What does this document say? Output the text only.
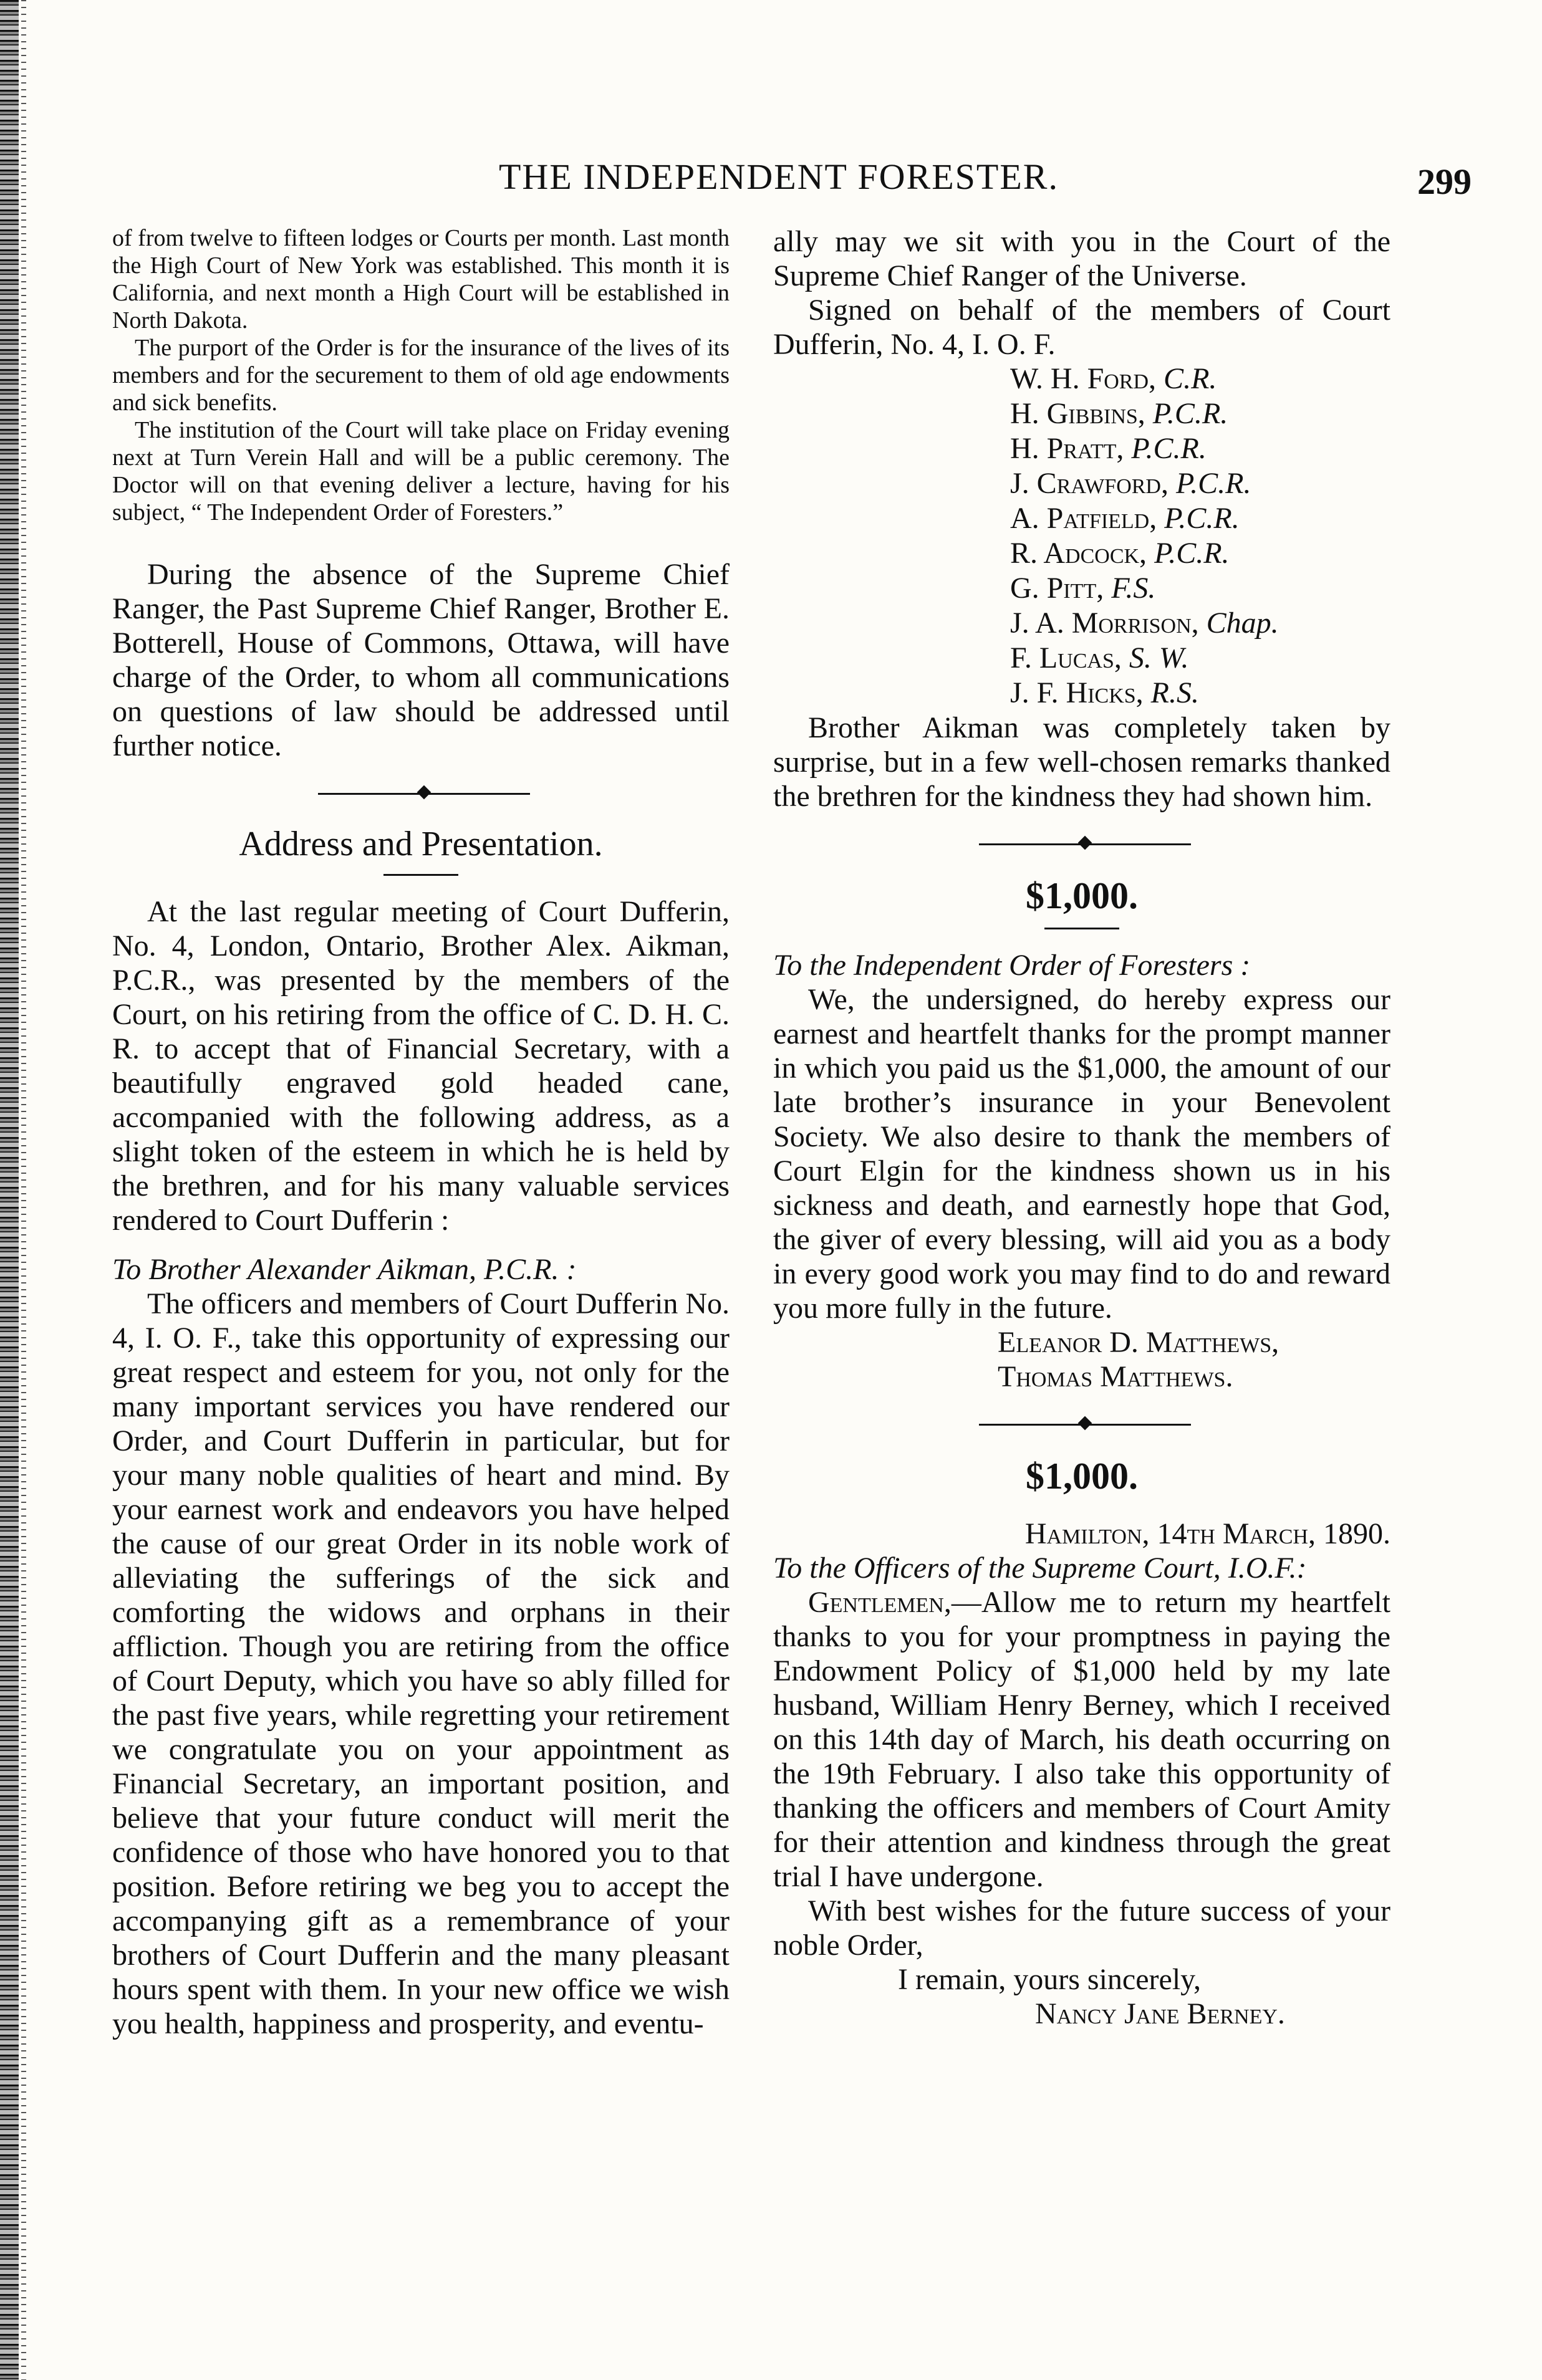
THE INDEPENDENT FORESTER.	299

of from twelve to fifteen lodges or Courts per month. Last month the High Court of New York was established. This month it is California, and next month a High Court will be established in North Dakota.

The purport of the Order is for the insurance of the lives of its members and for the securement to them of old age endowments and sick benefits.

The institution of the Court will take place on Friday evening next at Turn Verein Hall and will be a public ceremony. The Doctor will on that evening deliver a lecture, having for his subject, “ The Independent Order of Foresters.”

During the absence of the Supreme Chief Ranger, the Past Supreme Chief Ranger, Brother E. Botterell, House of Commons, Ottawa, will have charge of the Order, to whom all communications on questions of law should be addressed until further notice.

Address and Presentation.

At the last regular meeting of Court Dufferin, No. 4, London, Ontario, Brother Alex. Aikman, P.C.R., was presented by the members of the Court, on his retiring from the office of C. D. H. C. R. to accept that of Financial Secretary, with a beautifully engraved gold headed cane, accompanied with the following address, as a slight token of the esteem in which he is held by the brethren, and for his many valuable services rendered to Court Dufferin :

To Brother Alexander Aikman, P.C.R. :

The officers and members of Court Dufferin No. 4, I. O. F., take this opportunity of expressing our great respect and esteem for you, not only for the many important services you have rendered our Order, and Court Dufferin in particular, but for your many noble qualities of heart and mind. By your earnest work and endeavors you have helped the cause of our great Order in its noble work of alleviating the sufferings of the sick and comforting the widows and orphans in their affliction. Though you are retiring from the office of Court Deputy, which you have so ably filled for the past five years, while regretting your retirement we congratulate you on your appointment as Financial Secretary, an important position, and believe that your future conduct will merit the confidence of those who have honored you to that position. Before retiring we beg you to accept the accompanying gift as a remembrance of your brothers of Court Dufferin and the many pleasant hours spent with them. In your new office we wish you health, happiness and prosperity, and eventu-

ally may we sit with you in the Court of the Supreme Chief Ranger of the Universe.

Signed on behalf of the members of Court Dufferin, No. 4, I. O. F.

W. H. Ford, C.R.
H. Gibbins, P.C.R.
H. Pratt, P.C.R.
J. Crawford, P.C.R.
A. Patfield, P.C.R.
R. Adcock, P.C.R.
G. Pitt, F.S.
J. A. Morrison, Chap.
F. Lucas, S. W.
J. F. Hicks, R.S.

Brother Aikman was completely taken by surprise, but in a few well-chosen remarks thanked the brethren for the kindness they had shown him.

$1,000.

To the Independent Order of Foresters :

We, the undersigned, do hereby express our earnest and heartfelt thanks for the prompt manner in which you paid us the $1,000, the amount of our late brother’s insurance in your Benevolent Society. We also desire to thank the members of Court Elgin for the kindness shown us in his sickness and death, and earnestly hope that God, the giver of every blessing, will aid you as a body in every good work you may find to do and reward you more fully in the future.

Eleanor D. Matthews,

Thomas Matthews.

$1,000.

Hamilton, 14th March, 1890.

To the Officers of the Supreme Court, I.O.F.:

Gentlemen,—Allow me to return my heartfelt thanks to you for your promptness in paying the Endowment Policy of $1,000 held by my late husband, William Henry Berney, which I received on this 14th day of March, his death occurring on the 19th February. I also take this opportunity of thanking the officers and members of Court Amity for their attention and kindness through the great trial I have undergone.

With best wishes for the future success of your noble Order,

I remain, yours sincerely,

Nancy Jane Berney.
